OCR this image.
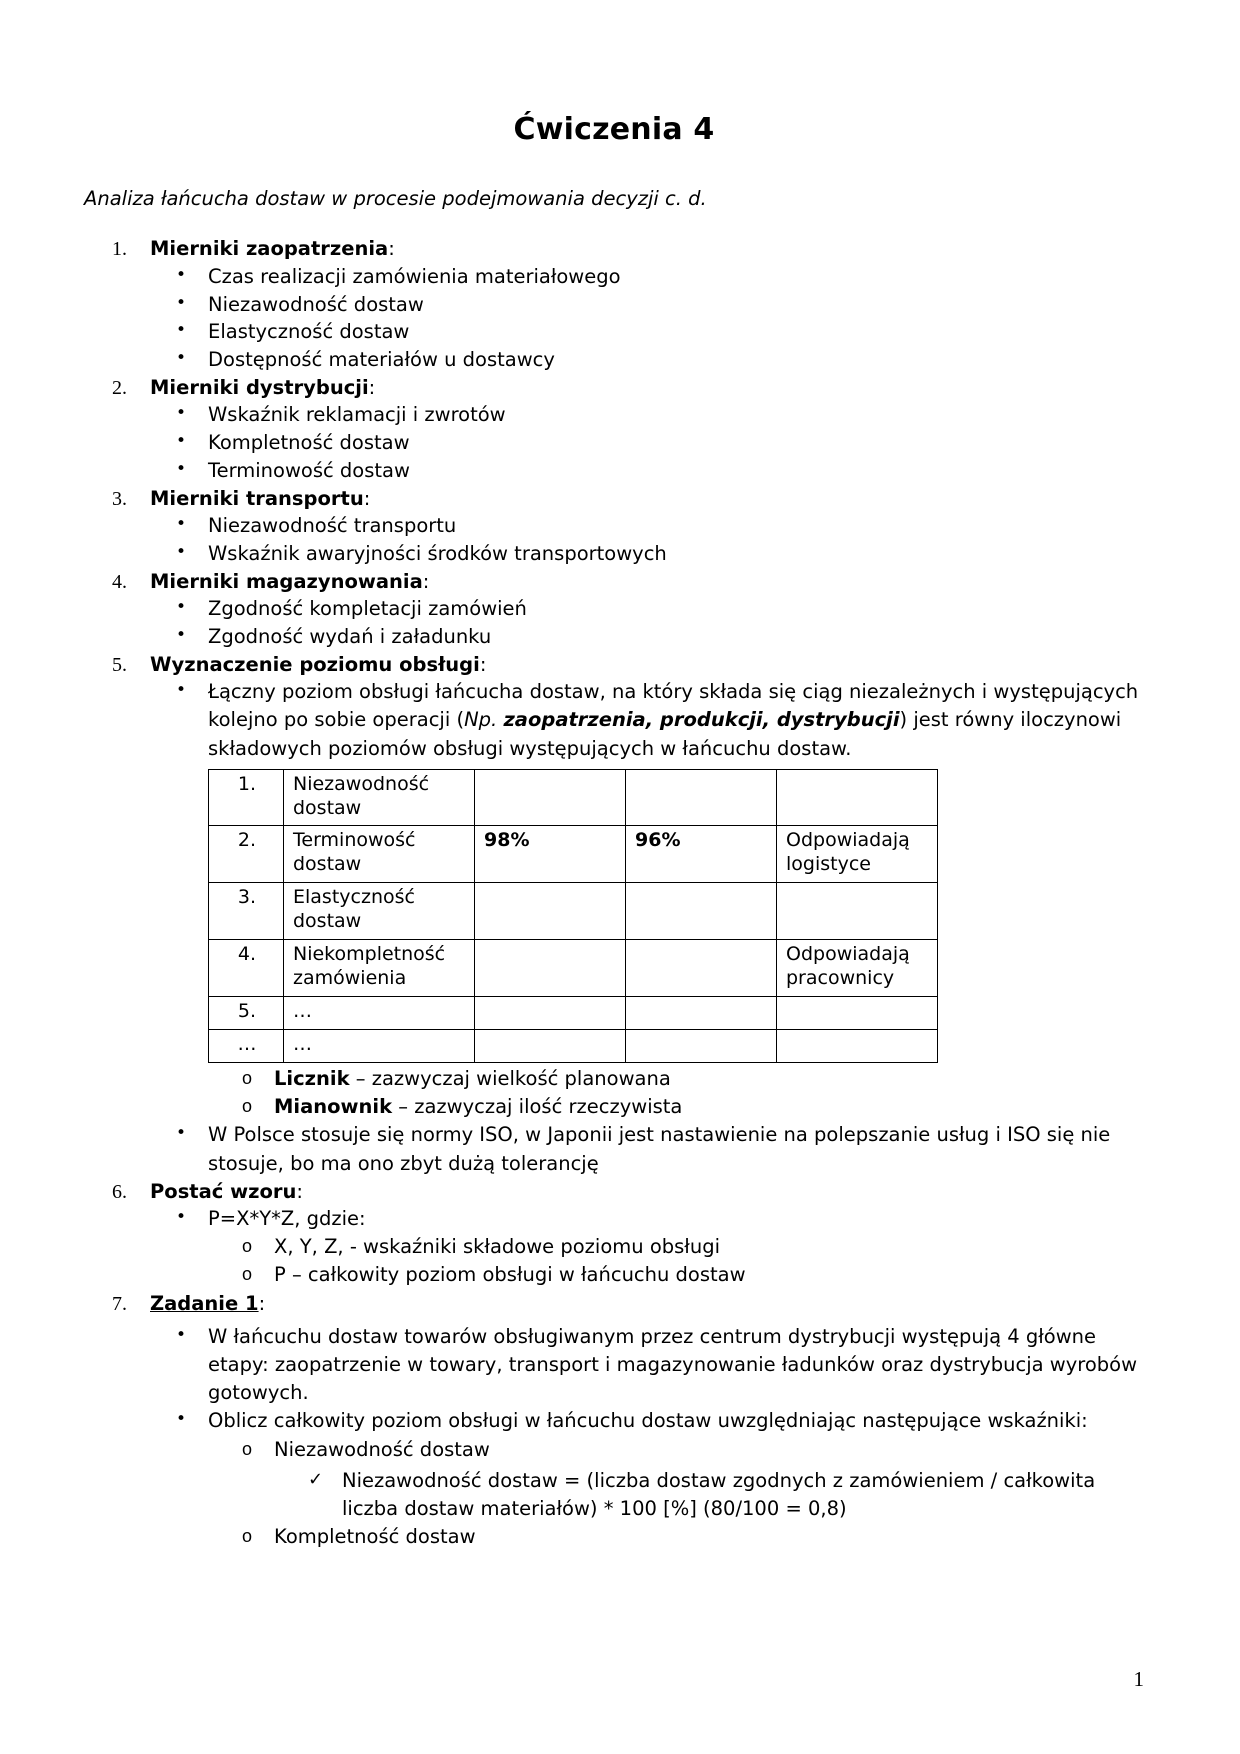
Ćwiczenia 4

Analiza łańcucha dostaw w procesie podejmowania decyzji c. d.

1.	Mierniki zaopatrzenia:
• Czas realizacji zamówienia materiałowego
• Niezawodność dostaw
• Elastyczność dostaw
• Dostępność materiałów u dostawcy
2.	Mierniki dystrybucji:
• Wskaźnik reklamacji i zwrotów
• Kompletność dostaw
• Terminowość dostaw
3.	Mierniki transportu:
• Niezawodność transportu
• Wskaźnik awaryjności środków transportowych
4.	Mierniki magazynowania:
• Zgodność kompletacji zamówień
• Zgodność wydań i załadunku
5.	Wyznaczenie poziomu obsługi:
• Łączny poziom obsługi łańcucha dostaw, na który składa się ciąg niezależnych i występujących kolejno po sobie operacji (Np. zaopatrzenia, produkcji, dystrybucji) jest równy iloczynowi składowych poziomów obsługi występujących w łańcuchu dostaw.
1.	Niezawodność dostaw			
2.	Terminowość dostaw	98%	96%	Odpowiadają logistyce
3.	Elastyczność dostaw			
4.	Niekompletność zamówienia			Odpowiadają pracownicy
5.	…			
…	…			
o Licznik – zazwyczaj wielkość planowana
o Mianownik – zazwyczaj ilość rzeczywista
• W Polsce stosuje się normy ISO, w Japonii jest nastawienie na polepszanie usług i ISO się nie stosuje, bo ma ono zbyt dużą tolerancję
6.	Postać wzoru:
• P=X*Y*Z, gdzie:
o X, Y, Z, - wskaźniki składowe poziomu obsługi
o P – całkowity poziom obsługi w łańcuchu dostaw
7.	Zadanie 1:
• W łańcuchu dostaw towarów obsługiwanym przez centrum dystrybucji występują 4 główne etapy: zaopatrzenie w towary, transport i magazynowanie ładunków oraz dystrybucja wyrobów gotowych.
• Oblicz całkowity poziom obsługi w łańcuchu dostaw uwzględniając następujące wskaźniki:
o Niezawodność dostaw
✓ Niezawodność dostaw = (liczba dostaw zgodnych z zamówieniem / całkowita liczba dostaw materiałów) * 100 [%] (80/100 = 0,8)
o Kompletność dostaw
1
